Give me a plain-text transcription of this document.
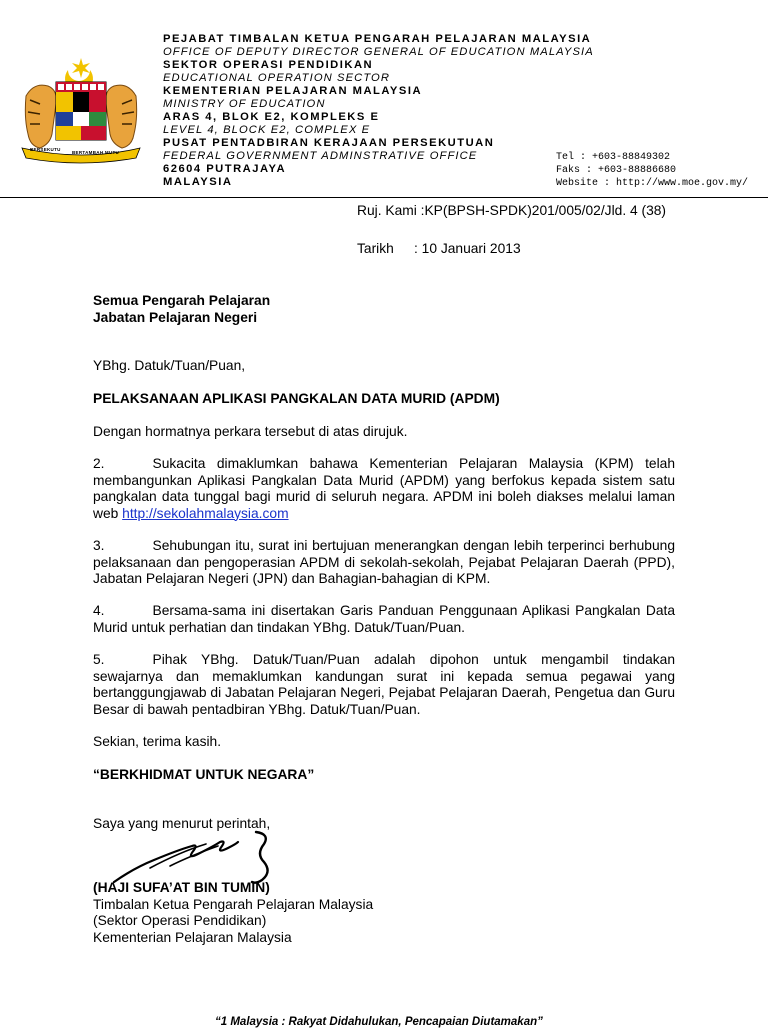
BERSEKUTU
BERTAMBAH MUTU
PEJABAT TIMBALAN KETUA PENGARAH PELAJARAN MALAYSIA
OFFICE OF DEPUTY DIRECTOR GENERAL OF EDUCATION MALAYSIA
SEKTOR OPERASI PENDIDIKAN
EDUCATIONAL OPERATION SECTOR
KEMENTERIAN PELAJARAN MALAYSIA
MINISTRY OF EDUCATION
ARAS 4, BLOK E2, KOMPLEKS E
LEVEL 4, BLOCK E2, COMPLEX E
PUSAT PENTADBIRAN KERAJAAN PERSEKUTUAN
FEDERAL GOVERNMENT ADMINSTRATIVE OFFICE
62604 PUTRAJAYA
MALAYSIA
Tel : +603-88849302
Faks : +603-88886680
Website : http://www.moe.gov.my/
Ruj. Kami :KP(BPSH-SPDK)201/005/02/Jld. 4 (38)
Tarikh : 10 Januari 2013
Semua Pengarah Pelajaran
Jabatan Pelajaran Negeri
YBhg. Datuk/Tuan/Puan,
PELAKSANAAN APLIKASI PANGKALAN DATA MURID (APDM)
Dengan hormatnya perkara tersebut di atas dirujuk.
2.	Sukacita dimaklumkan bahawa Kementerian Pelajaran Malaysia (KPM) telah membangunkan Aplikasi Pangkalan Data Murid (APDM) yang berfokus kepada sistem satu pangkalan data tunggal bagi murid di seluruh negara. APDM ini boleh diakses melalui laman web http://sekolahmalaysia.com
3.	Sehubungan itu, surat ini bertujuan menerangkan dengan lebih terperinci berhubung pelaksanaan dan pengoperasian APDM di sekolah-sekolah, Pejabat Pelajaran Daerah (PPD), Jabatan Pelajaran Negeri (JPN) dan Bahagian-bahagian di KPM.
4.	Bersama-sama ini disertakan Garis Panduan Penggunaan Aplikasi Pangkalan Data Murid untuk perhatian dan tindakan YBhg. Datuk/Tuan/Puan.
5.	Pihak YBhg. Datuk/Tuan/Puan adalah dipohon untuk mengambil tindakan sewajarnya dan memaklumkan kandungan surat ini kepada semua pegawai yang bertanggungjawab di Jabatan Pelajaran Negeri, Pejabat Pelajaran Daerah, Pengetua dan Guru Besar di bawah pentadbiran YBhg. Datuk/Tuan/Puan.
Sekian, terima kasih.
“BERKHIDMAT UNTUK NEGARA”
Saya yang menurut perintah,
(HAJI SUFA’AT BIN TUMIN)
Timbalan Ketua Pengarah Pelajaran Malaysia
(Sektor Operasi Pendidikan)
Kementerian Pelajaran Malaysia
“1 Malaysia : Rakyat Didahulukan, Pencapaian Diutamakan”
